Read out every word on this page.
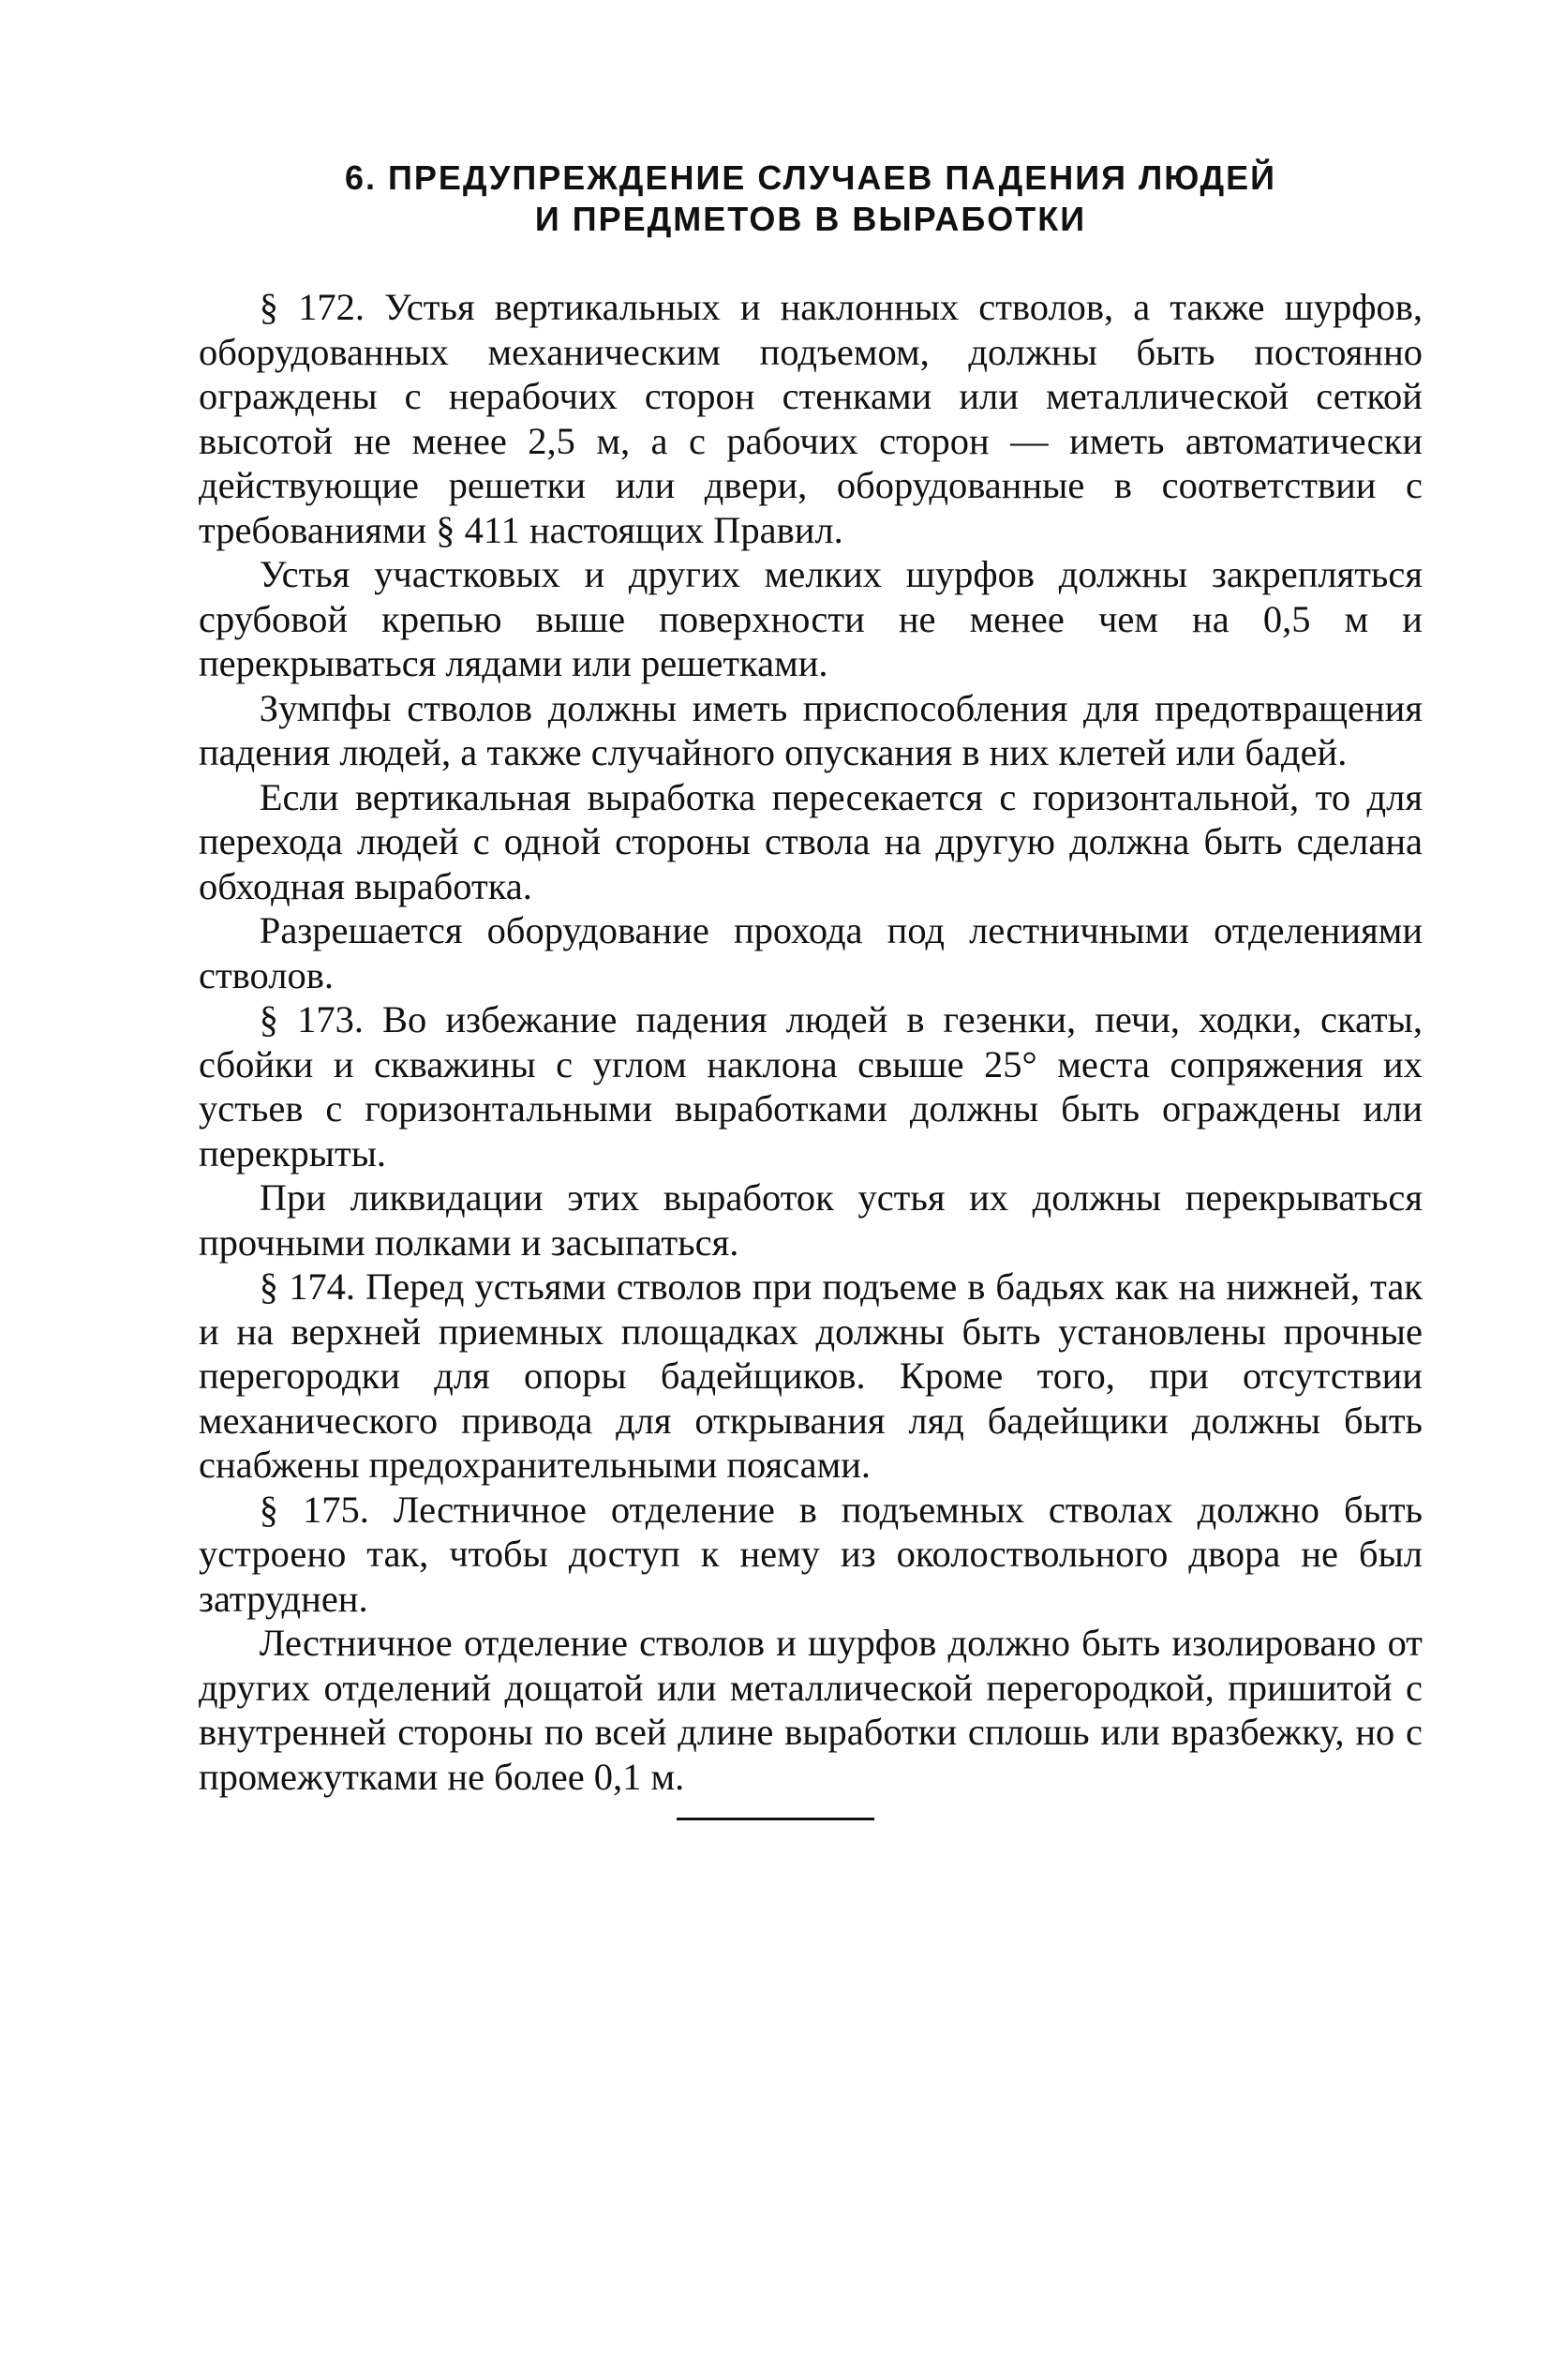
6. ПРЕДУПРЕЖДЕНИЕ СЛУЧАЕВ ПАДЕНИЯ ЛЮДЕЙ
И ПРЕДМЕТОВ В ВЫРАБОТКИ

§ 172. Устья вертикальных и наклонных стволов, а также шурфов, оборудованных механическим подъемом, должны быть постоянно ограждены с нерабочих сторон стенками или металлической сеткой высотой не менее 2,5 м, а с рабочих сторон — иметь автоматически действующие решетки или двери, оборудованные в соответствии с требованиями § 411 настоящих Правил.

Устья участковых и других мелких шурфов должны закрепляться срубовой крепью выше поверхности не менее чем на 0,5 м и перекрываться лядами или решетками.

Зумпфы стволов должны иметь приспособления для предотвращения падения людей, а также случайного опускания в них клетей или бадей.

Если вертикальная выработка пересекается с горизонтальной, то для перехода людей с одной стороны ствола на другую должна быть сделана обходная выработка.

Разрешается оборудование прохода под лестничными отделениями стволов.

§ 173. Во избежание падения людей в гезенки, печи, ходки, скаты, сбойки и скважины с углом наклона свыше 25° места сопряжения их устьев с горизонтальными выработками должны быть ограждены или перекрыты.

При ликвидации этих выработок устья их должны перекрываться прочными полками и засыпаться.

§ 174. Перед устьями стволов при подъеме в бадьях как на нижней, так и на верхней приемных площадках должны быть установлены прочные перегородки для опоры бадейщиков. Кроме того, при отсутствии механического привода для открывания ляд бадейщики должны быть снабжены предохранительными поясами.

§ 175. Лестничное отделение в подъемных стволах должно быть устроено так, чтобы доступ к нему из околоствольного двора не был затруднен.

Лестничное отделение стволов и шурфов должно быть изолировано от других отделений дощатой или металлической перегородкой, пришитой с внутренней стороны по всей длине выработки сплошь или вразбежку, но с промежутками не более 0,1 м.
